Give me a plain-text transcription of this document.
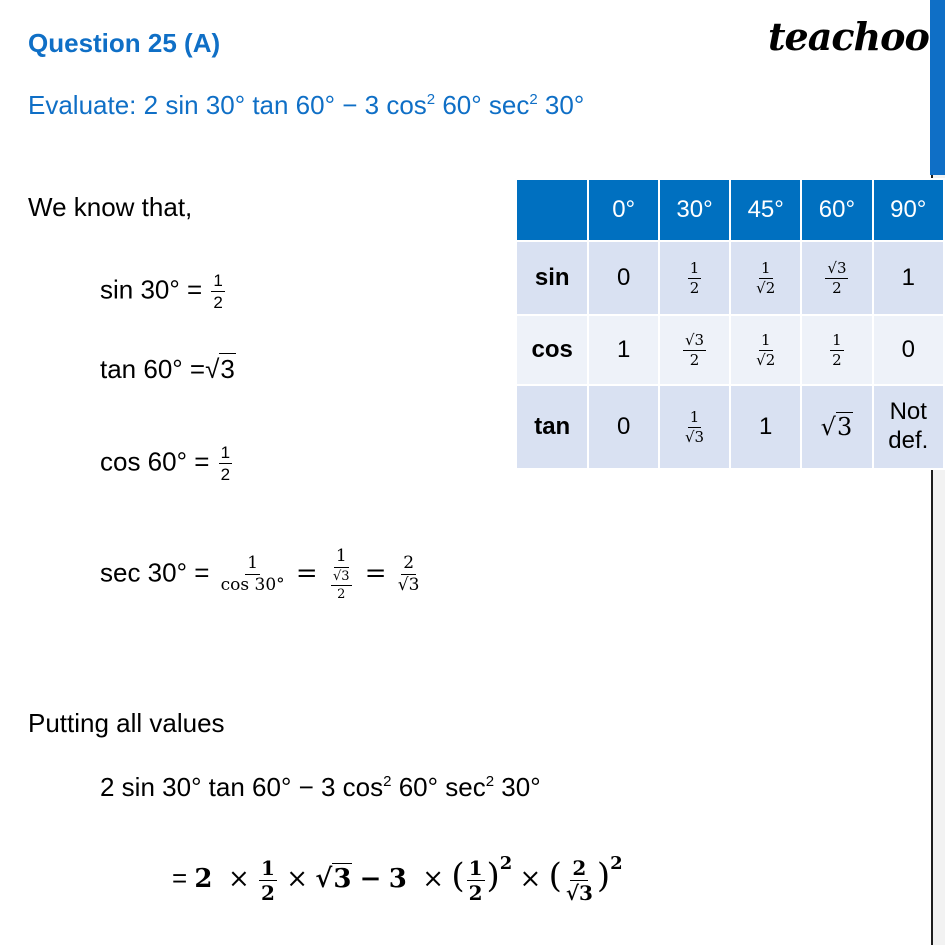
Question 25 (A)
Evaluate: 2 sin 30° tan 60° − 3 $\cos^2 60^\circ$ $\sec^2 30^\circ$
teachoo
We know that,
$\sin 30^\circ = \frac{1}{2}$
tan 60° =√3
$\cos 60^\circ = \frac{1}{2}$
$\sec 30^\circ = \frac{1}{\cos 30^\circ} = \frac{1}{\frac{√3}{2}} = \frac{2}{√3}$
Putting all values
2 sin 30° tan 60° − 3 $\cos^2 60^\circ$ $\sec^2 30^\circ$
= $2 \times \frac{1}{2} \times √3 - 3$ × ( $\frac{1}{2} )^2$ × ( $\frac{2}{√3} )^2$
	0°	30°	45°	60°	90°
sin	0	$\frac{1}{2}$	$\frac{1}{√2}$	$\frac{√3}{2}$	1
cos	1	$\frac{√3}{2}$	$\frac{1}{√2}$	$\frac{1}{2}$	0
tan	0	$\frac{1}{√3}$	1	√3	Not
def.
